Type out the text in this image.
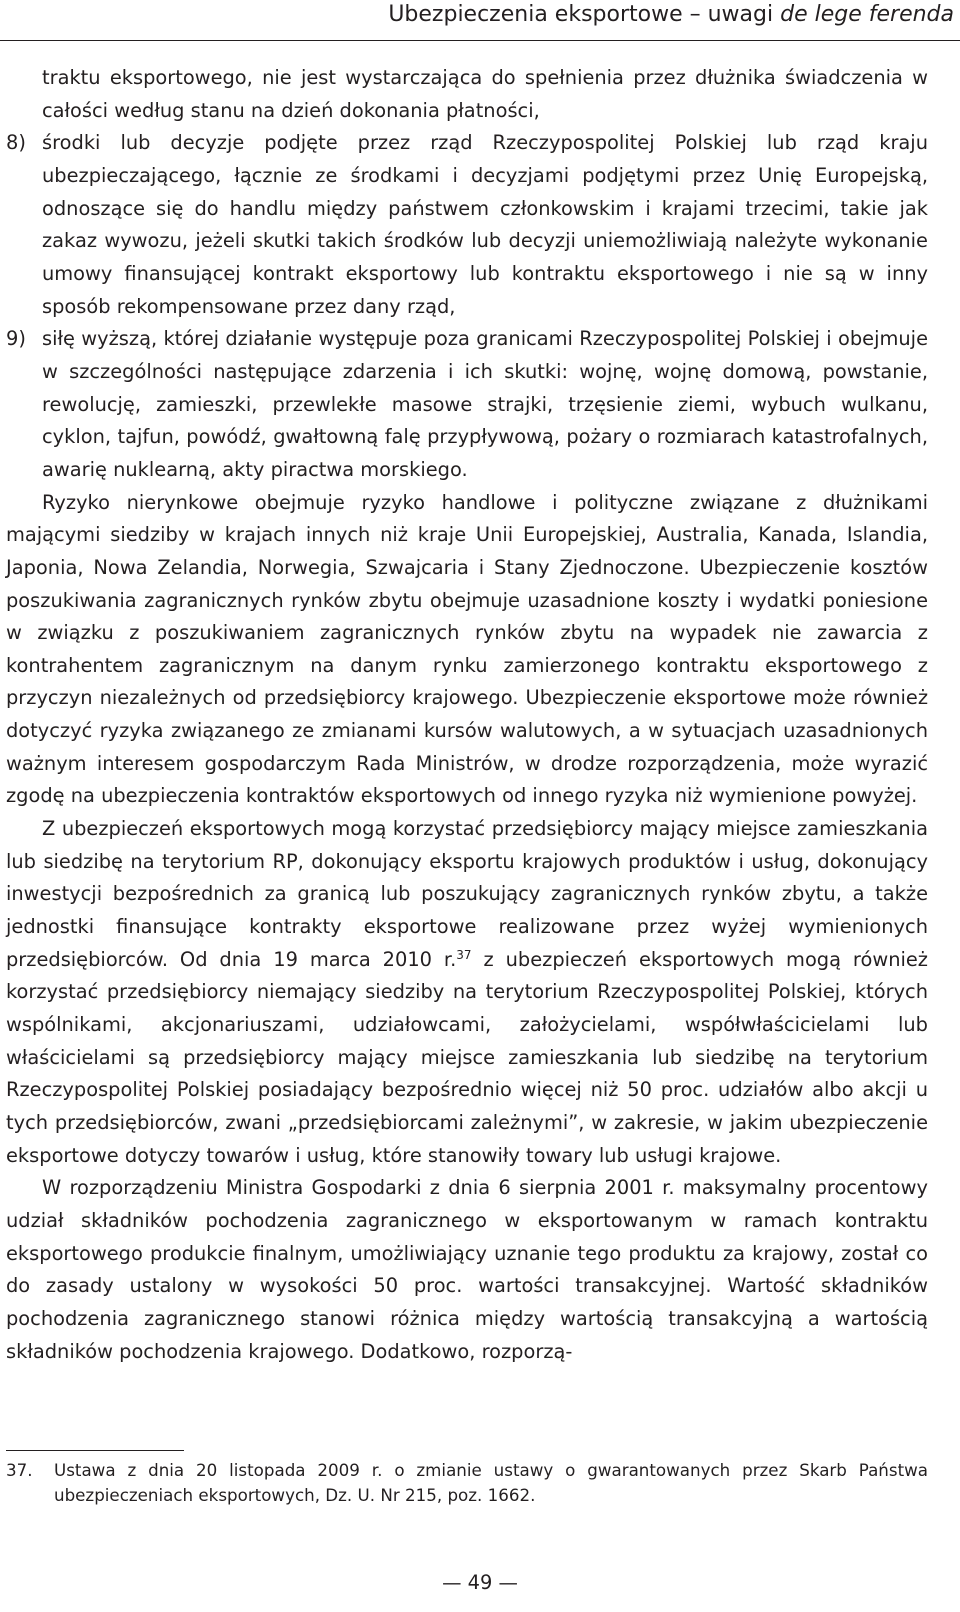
Ubezpieczenia eksportowe – uwagi de lege ferenda

traktu eksportowego, nie jest wystarczająca do spełnienia przez dłużnika świadczenia w całości według stanu na dzień dokonania płatności,

8) środki lub decyzje podjęte przez rząd Rzeczypospolitej Polskiej lub rząd kraju ubezpieczającego, łącznie ze środkami i decyzjami podjętymi przez Unię Europejską, odnoszące się do handlu między państwem członkowskim i krajami trzecimi, takie jak zakaz wywozu, jeżeli skutki takich środków lub decyzji uniemożliwiają należyte wykonanie umowy finansującej kontrakt eksportowy lub kontraktu eksportowego i nie są w inny sposób rekompensowane przez dany rząd,
9) siłę wyższą, której działanie występuje poza granicami Rzeczypospolitej Polskiej i obejmuje w szczególności następujące zdarzenia i ich skutki: wojnę, wojnę domową, powstanie, rewolucję, zamieszki, przewlekłe masowe strajki, trzęsienie ziemi, wybuch wulkanu, cyklon, tajfun, powódź, gwałtowną falę przypływową, pożary o rozmiarach katastrofalnych, awarię nuklearną, akty piractwa morskiego.

Ryzyko nierynkowe obejmuje ryzyko handlowe i polityczne związane z dłużnikami mającymi siedziby w krajach innych niż kraje Unii Europejskiej, Australia, Kanada, Islandia, Japonia, Nowa Zelandia, Norwegia, Szwajcaria i Stany Zjednoczone. Ubezpieczenie kosztów poszukiwania zagranicznych rynków zbytu obejmuje uzasadnione koszty i wydatki poniesione w związku z poszukiwaniem zagranicznych rynków zbytu na wypadek nie zawarcia z kontrahentem zagranicznym na danym rynku zamierzonego kontraktu eksportowego z przyczyn niezależnych od przedsiębiorcy krajowego. Ubezpieczenie eksportowe może również dotyczyć ryzyka związanego ze zmianami kursów walutowych, a w sytuacjach uzasadnionych ważnym interesem gospodarczym Rada Ministrów, w drodze rozporządzenia, może wyrazić zgodę na ubezpieczenia kontraktów eksportowych od innego ryzyka niż wymienione powyżej.

Z ubezpieczeń eksportowych mogą korzystać przedsiębiorcy mający miejsce zamieszkania lub siedzibę na terytorium RP, dokonujący eksportu krajowych produktów i usług, dokonujący inwestycji bezpośrednich za granicą lub poszukujący zagranicznych rynków zbytu, a także jednostki finansujące kontrakty eksportowe realizowane przez wyżej wymienionych przedsiębiorców. Od dnia 19 marca 2010 r.$^{37}$ z ubezpieczeń eksportowych mogą również korzystać przedsiębiorcy niemający siedziby na terytorium Rzeczypospolitej Polskiej, których wspólnikami, akcjonariuszami, udziałowcami, założycielami, współwłaścicielami lub właścicielami są przedsiębiorcy mający miejsce zamieszkania lub siedzibę na terytorium Rzeczypospolitej Polskiej posiadający bezpośrednio więcej niż 50 proc. udziałów albo akcji u tych przedsiębiorców, zwani „przedsiębiorcami zależnymi”, w zakresie, w jakim ubezpieczenie eksportowe dotyczy towarów i usług, które stanowiły towary lub usługi krajowe.

W rozporządzeniu Ministra Gospodarki z dnia 6 sierpnia 2001 r. maksymalny procentowy udział składników pochodzenia zagranicznego w eksportowanym w ramach kontraktu eksportowego produkcie finalnym, umożliwiający uznanie tego produktu za krajowy, został co do zasady ustalony w wysokości 50 proc. wartości transakcyjnej. Wartość składników pochodzenia zagranicznego stanowi różnica między wartością transakcyjną a wartością składników pochodzenia krajowego. Dodatkowo, rozporzą-

37.	Ustawa z dnia 20 listopada 2009 r. o zmianie ustawy o gwarantowanych przez Skarb Państwa ubezpieczeniach eksportowych, Dz. U. Nr 215, poz. 1662.
— 49 —
